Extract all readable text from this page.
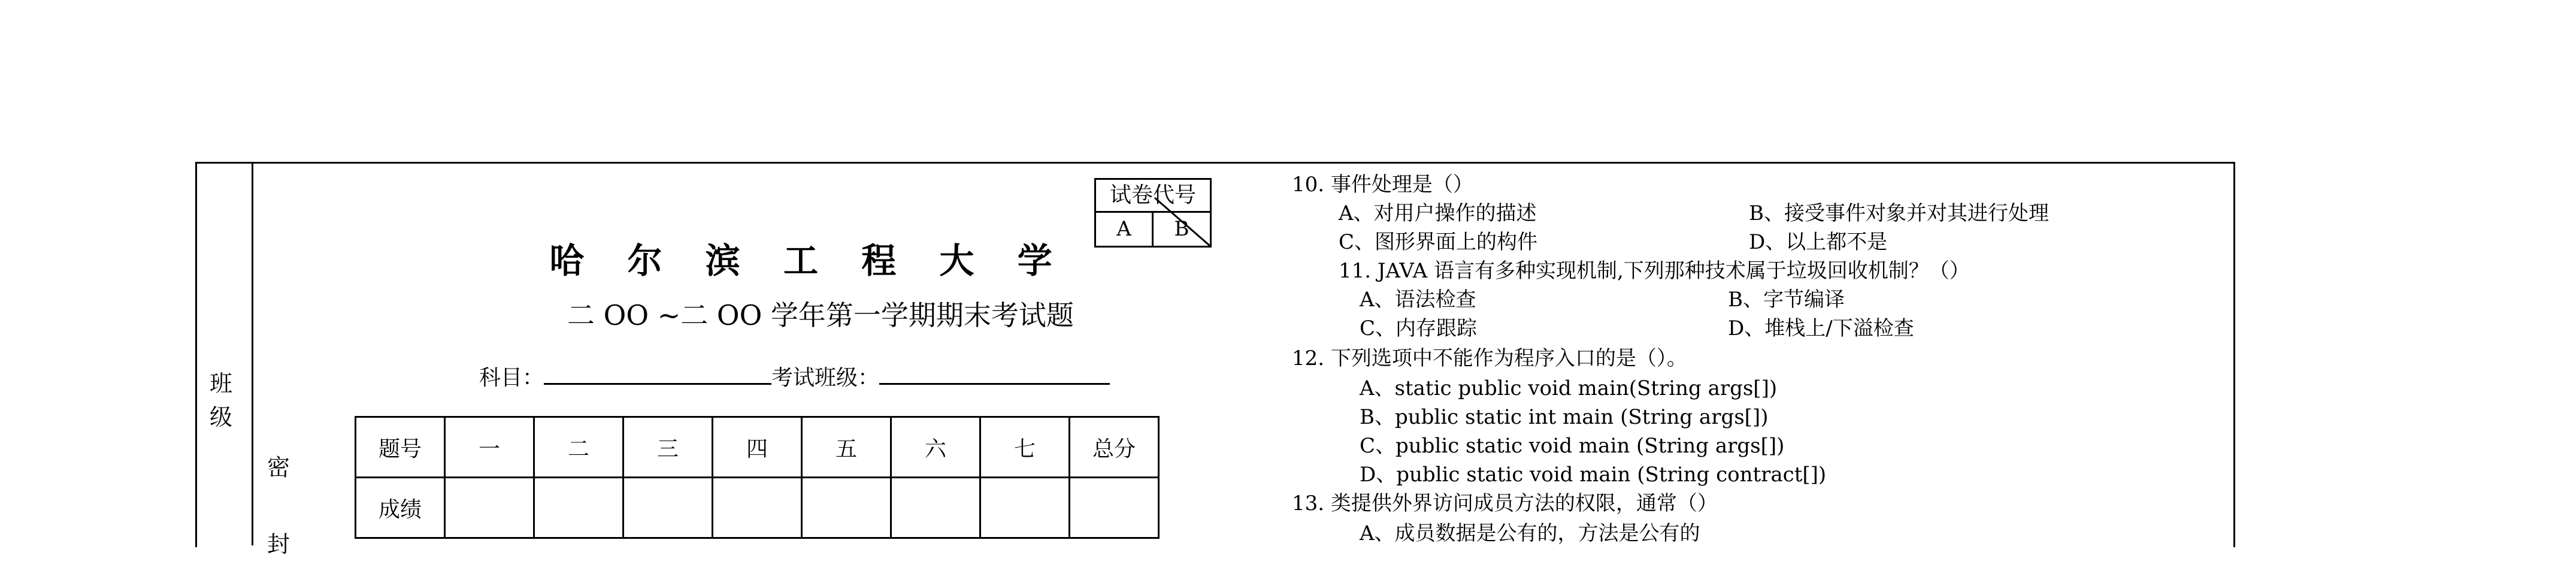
班
级
密
封
试卷代号
A	B
哈 尔 滨 工 程 大 学
二 OO ~二 OO 学年第一学期期末考试题
科目：	考试班级：
题号	一	二	三	四	五	六	七	总分
成绩								
10. 事件处理是（）
A、对用户操作的描述	B、接受事件对象并对其进行处理
C、图形界面上的构件	D、以上都不是
11. JAVA 语言有多种实现机制,下列那种技术属于垃圾回收机制？（）
A、语法检查	B、字节编译
C、内存跟踪	D、堆栈上/下溢检查
12. 下列选项中不能作为程序入口的是（）。
A、static public void main(String args[])
B、public static int main (String args[])
C、public static void main (String args[])
D、public static void main (String contract[])
13. 类提供外界访问成员方法的权限，通常（）
A、成员数据是公有的，方法是公有的
